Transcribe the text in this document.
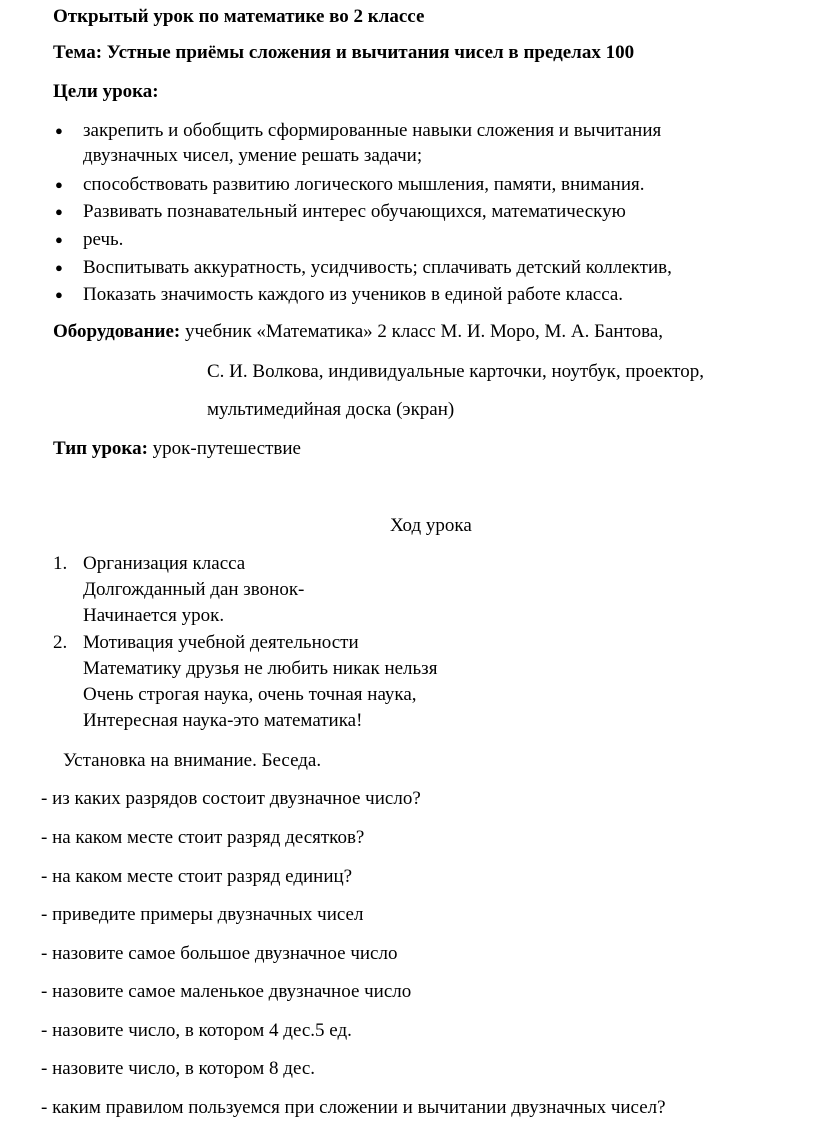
Открытый урок по математике во 2 классе
Тема: Устные приёмы сложения и вычитания чисел в пределах 100
Цели урока:
● закрепить и обобщить сформированные навыки сложения и вычитания
двузначных чисел, умение решать задачи;
● способствовать развитию логического мышления, памяти, внимания.
● Развивать познавательный интерес обучающихся, математическую
● речь.
● Воспитывать аккуратность, усидчивость; сплачивать детский коллектив,
● Показать значимость каждого из учеников в единой работе класса.
Оборудование: учебник «Математика» 2 класс М. И. Моро, М. А. Бантова,
С. И. Волкова, индивидуальные карточки, ноутбук, проектор,
мультимедийная доска (экран)
Тип урока: урок-путешествие
Ход урока
1. Организация класса
Долгожданный дан звонок-
Начинается урок.
2. Мотивация учебной деятельности
Математику друзья не любить никак нельзя
Очень строгая наука, очень точная наука,
Интересная наука-это математика!
Установка на внимание. Беседа.
- из каких разрядов состоит двузначное число?
- на каком месте стоит разряд десятков?
- на каком месте стоит разряд единиц?
- приведите примеры двузначных чисел
- назовите самое большое двузначное число
- назовите самое маленькое двузначное число
- назовите число, в котором 4 дес.5 ед.
- назовите число, в котором 8 дес.
- каким правилом пользуемся при сложении и вычитании двузначных чисел?
